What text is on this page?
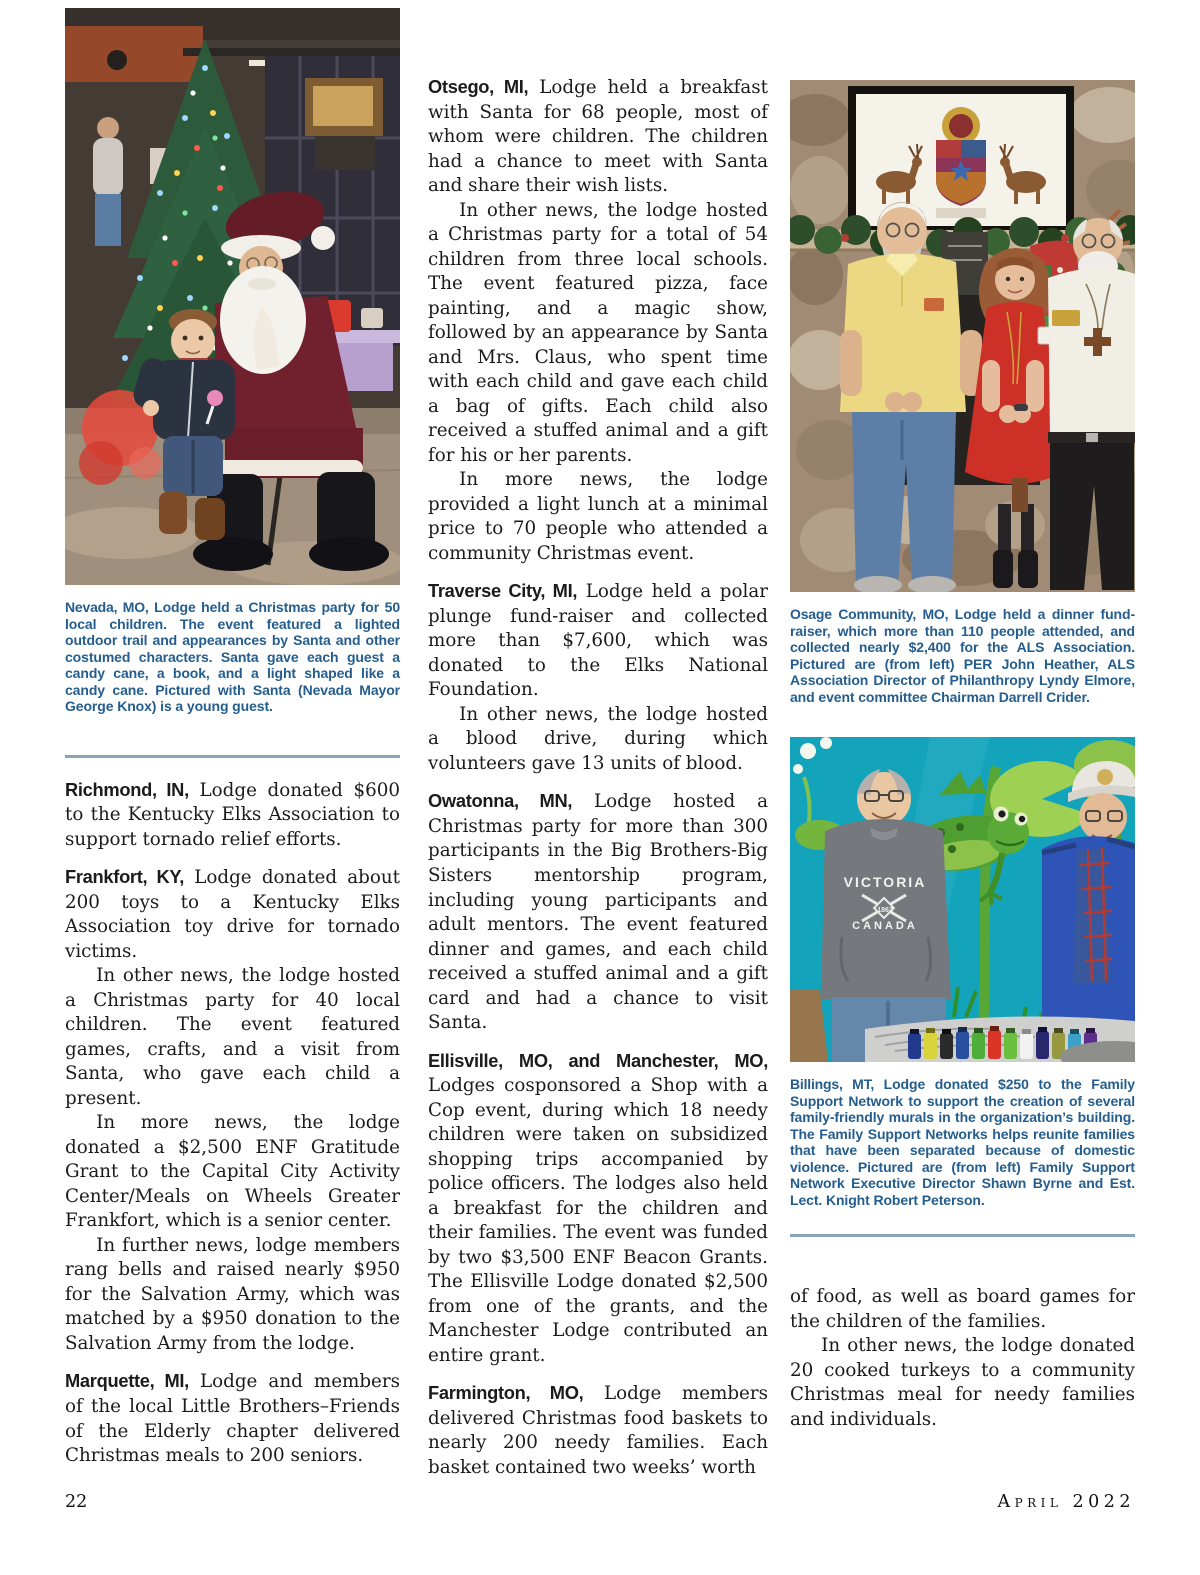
Nevada, MO, Lodge held a Christmas party for 50 local children. The event featured a lighted outdoor trail and appearances by Santa and other costumed characters. Santa gave each guest a candy cane, a book, and a light shaped like a candy cane. Pictured with Santa (Nevada Mayor George Knox) is a young guest.

Richmond, IN, Lodge donated $600 to the Kentucky Elks Association to support tornado relief efforts.

Frankfort, KY, Lodge donated about 200 toys to a Kentucky Elks Association toy drive for tornado victims.

In other news, the lodge hosted a Christmas party for 40 local children. The event featured games, crafts, and a visit from Santa, who gave each child a present.

In more news, the lodge donated a $2,500 ENF Gratitude Grant to the Capital City Activity Center/Meals on Wheels Greater Frankfort, which is a senior center.

In further news, lodge members rang bells and raised nearly $950 for the Salvation Army, which was matched by a $950 donation to the Salvation Army from the lodge.

Marquette, MI, Lodge and members of the local Little Brothers–Friends of the Elderly chapter delivered Christmas meals to 200 seniors.

Otsego, MI, Lodge held a breakfast with Santa for 68 people, most of whom were children. The children had a chance to meet with Santa and share their wish lists.

In other news, the lodge hosted a Christmas party for a total of 54 children from three local schools. The event featured pizza, face painting, and a magic show, followed by an appearance by Santa and Mrs. Claus, who spent time with each child and gave each child a bag of gifts. Each child also received a stuffed animal and a gift for his or her parents.

In more news, the lodge provided a light lunch at a minimal price to 70 people who attended a community Christmas event.

Traverse City, MI, Lodge held a polar plunge fund-raiser and collected more than $7,600, which was donated to the Elks National Foundation.

In other news, the lodge hosted a blood drive, during which volunteers gave 13 units of blood.

Owatonna, MN, Lodge hosted a Christmas party for more than 300 participants in the Big Brothers-Big Sisters mentorship program, including young participants and adult mentors. The event featured dinner and games, and each child received a stuffed animal and a gift card and had a chance to visit Santa.

Ellisville, MO, and Manchester, MO, Lodges cosponsored a Shop with a Cop event, during which 18 needy children were taken on subsidized shopping trips accompanied by police officers. The lodges also held a breakfast for the children and their families. The event was funded by two $3,500 ENF Beacon Grants. The Ellisville Lodge donated $2,500 from one of the grants, and the Manchester Lodge contributed an entire grant.

Farmington, MO, Lodge members delivered Christmas food baskets to nearly 200 needy families. Each basket contained two weeks’ worth

Osage Community, MO, Lodge held a dinner fund-raiser, which more than 110 people attended, and collected nearly $2,400 for the ALS Association. Pictured are (from left) PER John Heather, ALS Association Director of Philanthropy Lyndy Elmore, and event committee Chairman Darrell Crider.

VICTORIA
1862
CANADA

Billings, MT, Lodge donated $250 to the Family Support Network to support the creation of several family-friendly murals in the organization’s building. The Family Support Networks helps reunite families that have been separated because of domestic violence. Pictured are (from left) Family Support Network Executive Director Shawn Byrne and Est. Lect. Knight Robert Peterson.

of food, as well as board games for the children of the families.

In other news, the lodge donated 20 cooked turkeys to a community Christmas meal for needy families and individuals.

22	April 2022
